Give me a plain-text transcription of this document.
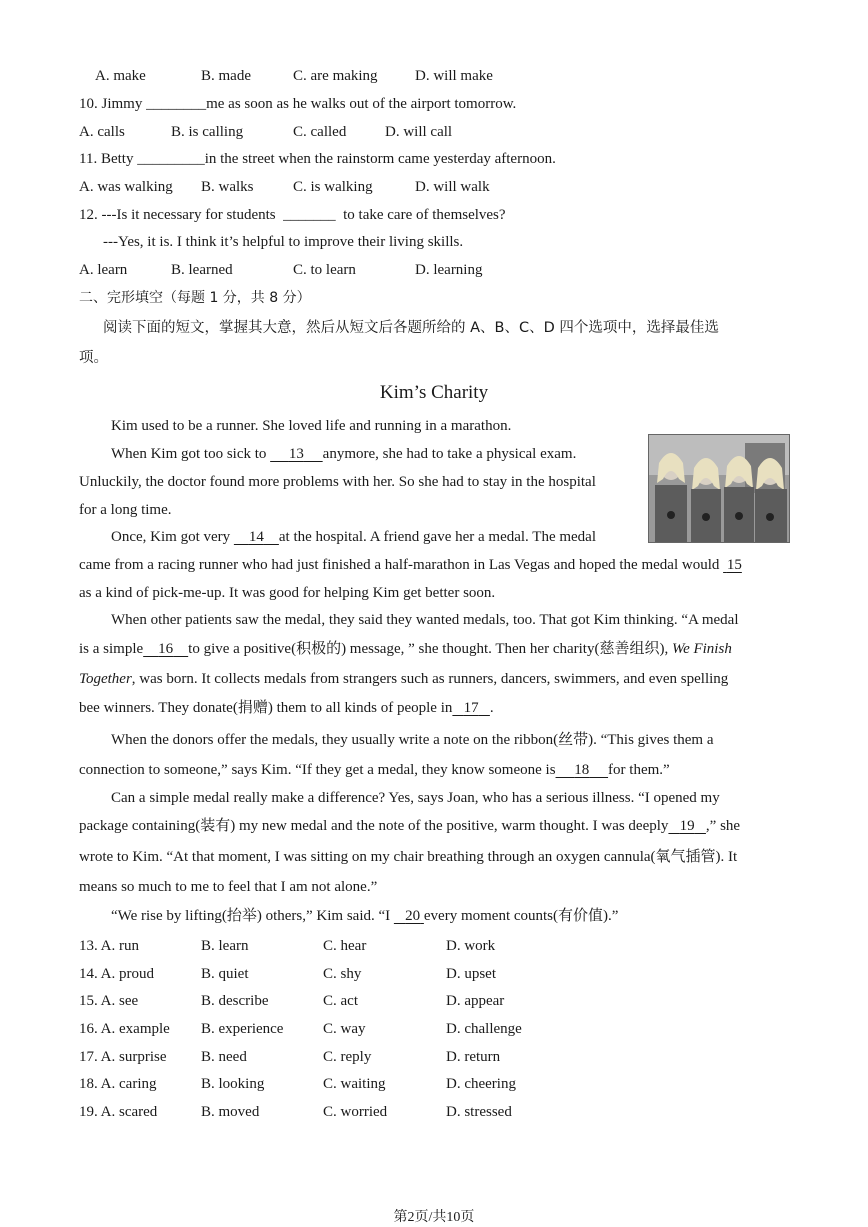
A. make	B. made	C. are making D. will make
10. Jimmy ________me as soon as he walks out of the airport tomorrow.
A. calls	B. is calling	C. called	D. will call
11. Betty _________in the street when the rainstorm came yesterday afternoon.
A. was walking B. walks	C. is walking	D. will walk
12. ---Is it necessary for students _______ to take care of themselves?
---Yes, it is. I think it’s helpful to improve their living skills.
A. learn	B. learned	C. to learn	D. learning
二、完形填空（每题 1 分，共 8 分）
阅读下面的短文，掌握其大意，然后从短文后各题所给的 A、B、C、D 四个选项中，选择最佳选
项。
Kim’s Charity
Kim used to be a runner. She loved life and running in a marathon.
When Kim got too sick to 13 anymore, she had to take a physical exam.
Unluckily, the doctor found more problems with her. So she had to stay in the hospital
for a long time.
Once, Kim got very 14 at the hospital. A friend gave her a medal. The medal
came from a racing runner who had just finished a half-marathon in Las Vegas and hoped the medal would 15
as a kind of pick-me-up. It was good for helping Kim get better soon.
When other patients saw the medal, they said they wanted medals, too. That got Kim thinking. “A medal
is a simple 16 to give a positive(积极的) message, ” she thought. Then her charity(慈善组织), We Finish
Together, was born. It collects medals from strangers such as runners, dancers, swimmers, and even spelling
bee winners. They donate(捐赠) them to all kinds of people in 17 .
When the donors offer the medals, they usually write a note on the ribbon(丝带). “This gives them a
connection to someone,” says Kim. “If they get a medal, they know someone is 18 for them.”
Can a simple medal really make a difference? Yes, says Joan, who has a serious illness. “I opened my
package containing(装有) my new medal and the note of the positive, warm thought. I was deeply 19 ,” she
wrote to Kim. “At that moment, I was sitting on my chair breathing through an oxygen cannula(氧气插管). It
means so much to me to feel that I am not alone.”
“We rise by lifting(抬举) others,” Kim said. “I 20 every moment counts(有价值).”
13. A. run	B. learn	C. hear	D. work
14. A. proud	B. quiet	C. shy	D. upset
15. A. see	B. describe	C. act	D. appear
16. A. example B. experience	C. way	D. challenge
17. A. surprise B. need	C. reply	D. return
18. A. caring	B. looking	C. waiting	D. cheering
19. A. scared	B. moved	C. worried	D. stressed
第2页/共10页
